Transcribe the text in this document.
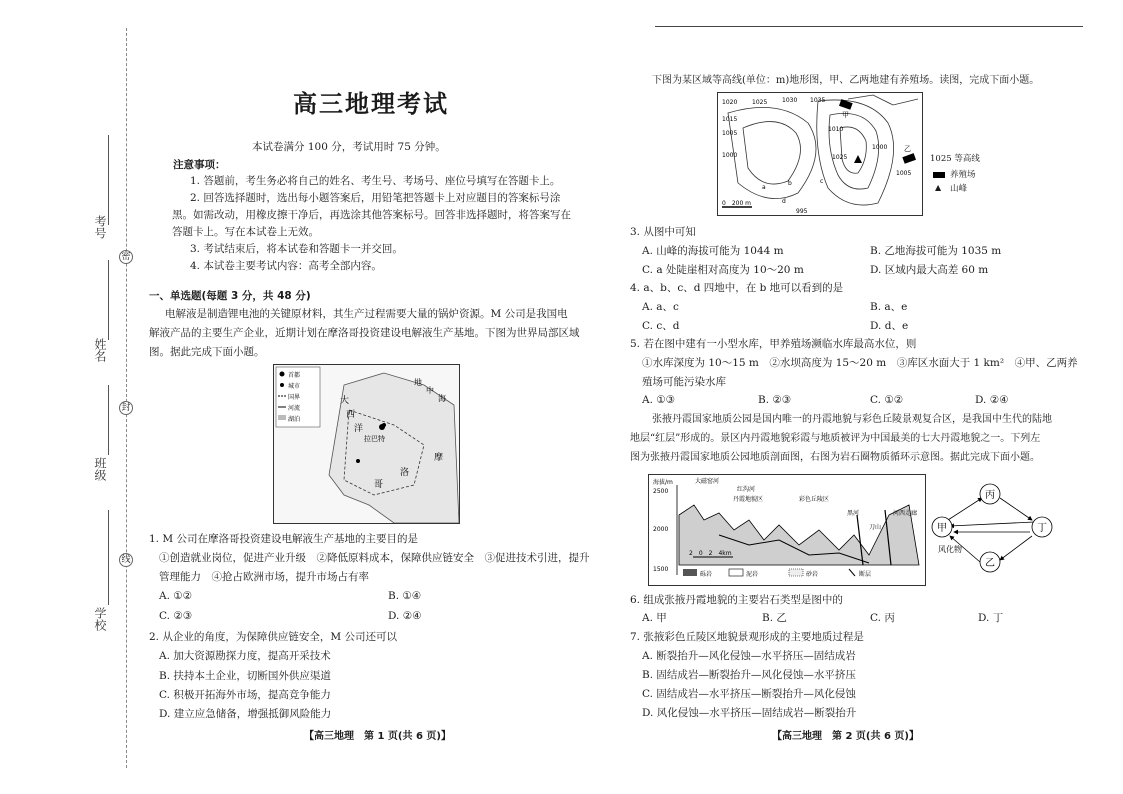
考号
姓名
班级
学校
密
封
线
高三地理考试
本试卷满分 100 分，考试用时 75 分钟。
注意事项：
1. 答题前，考生务必将自己的姓名、考生号、考场号、座位号填写在答题卡上。
2. 回答选择题时，选出每小题答案后，用铅笔把答题卡上对应题目的答案标号涂
黑。如需改动，用橡皮擦干净后，再选涂其他答案标号。回答非选择题时，将答案写在
答题卡上。写在本试卷上无效。
3. 考试结束后，将本试卷和答题卡一并交回。
4. 本试卷主要考试内容：高考全部内容。
一、单选题(每题 3 分，共 48 分)
电解液是制造锂电池的关键原材料，其生产过程需要大量的锅炉资源。M 公司是我国电
解液产品的主要生产企业，近期计划在摩洛哥投资建设电解液生产基地。下图为世界局部区域
图。据此完成下面小题。
拉巴特
大
西
洋
地
中
海
摩
洛
哥
首都
城市
国界
河流
湖泊
1. M 公司在摩洛哥投资建设电解液生产基地的主要目的是
①创造就业岗位，促进产业升级　②降低原料成本，保障供应链安全　③促进技术引进，提升
管理能力　④抢占欧洲市场，提升市场占有率
A. ①②	B. ①④
C. ②③	D. ②④
2. 从企业的角度，为保障供应链安全，M 公司还可以
A. 加大资源勘探力度，提高开采技术
B. 扶持本土企业，切断国外供应渠道
C. 积极开拓海外市场，提高竞争能力
D. 建立应急储备，增强抵御风险能力
【高三地理　第 1 页(共 6 页)】
下图为某区域等高线(单位：m)地形图，甲、乙两地建有养殖场。读图，完成下面小题。
1020 1025 1030 1035
1015
1010
1005
1000	1025
1000
1005
995
甲
乙
a
b	c
d
0　200 m
1025 等高线
养殖场
▲ 山峰
3. 从图中可知
A. 山峰的海拔可能为 1044 m	B. 乙地海拔可能为 1035 m
C. a 处陡崖相对高度为 10～20 m	D. 区域内最大高差 60 m
4. a、b、c、d 四地中，在 b 地可以看到的是
A. a、c	B. a、e
C. c、d	D. d、e
5. 若在图中建有一小型水库，甲养殖场濒临水库最高水位，则
①水库深度为 10～15 m　②水坝高度为 15～20 m　③库区水面大于 1 km²　④甲、乙两养
殖场可能污染水库
A. ①③	B. ②③	C. ①②	D. ②④
张掖丹霞国家地质公园是国内唯一的丹霞地貌与彩色丘陵景观复合区，是我国中生代的陆地
地层“红层”形成的。景区内丹霞地貌彩霞与地质被评为中国最美的七大丹霞地貌之一。下列左
图为张掖丹霞国家地质公园地质剖面图，右图为岩石圈物质循环示意图。据此完成下面小题。
海拔/m
2500
2000
1500
大磁窑河
红沟河
丹霞地貌区	彩色丘陵区
黑河
刀山
河西走廊
2　0　2　4km
砾岩	泥岩	砂岩	断层
甲
乙
丙
丁
风化物
6. 组成张掖丹霞地貌的主要岩石类型是图中的
A. 甲	B. 乙	C. 丙	D. 丁
7. 张掖彩色丘陵区地貌景观形成的主要地质过程是
A. 断裂抬升—风化侵蚀—水平挤压—固结成岩
B. 固结成岩—断裂抬升—风化侵蚀—水平挤压
C. 固结成岩—水平挤压—断裂抬升—风化侵蚀
D. 风化侵蚀—水平挤压—固结成岩—断裂抬升
【高三地理　第 2 页(共 6 页)】
